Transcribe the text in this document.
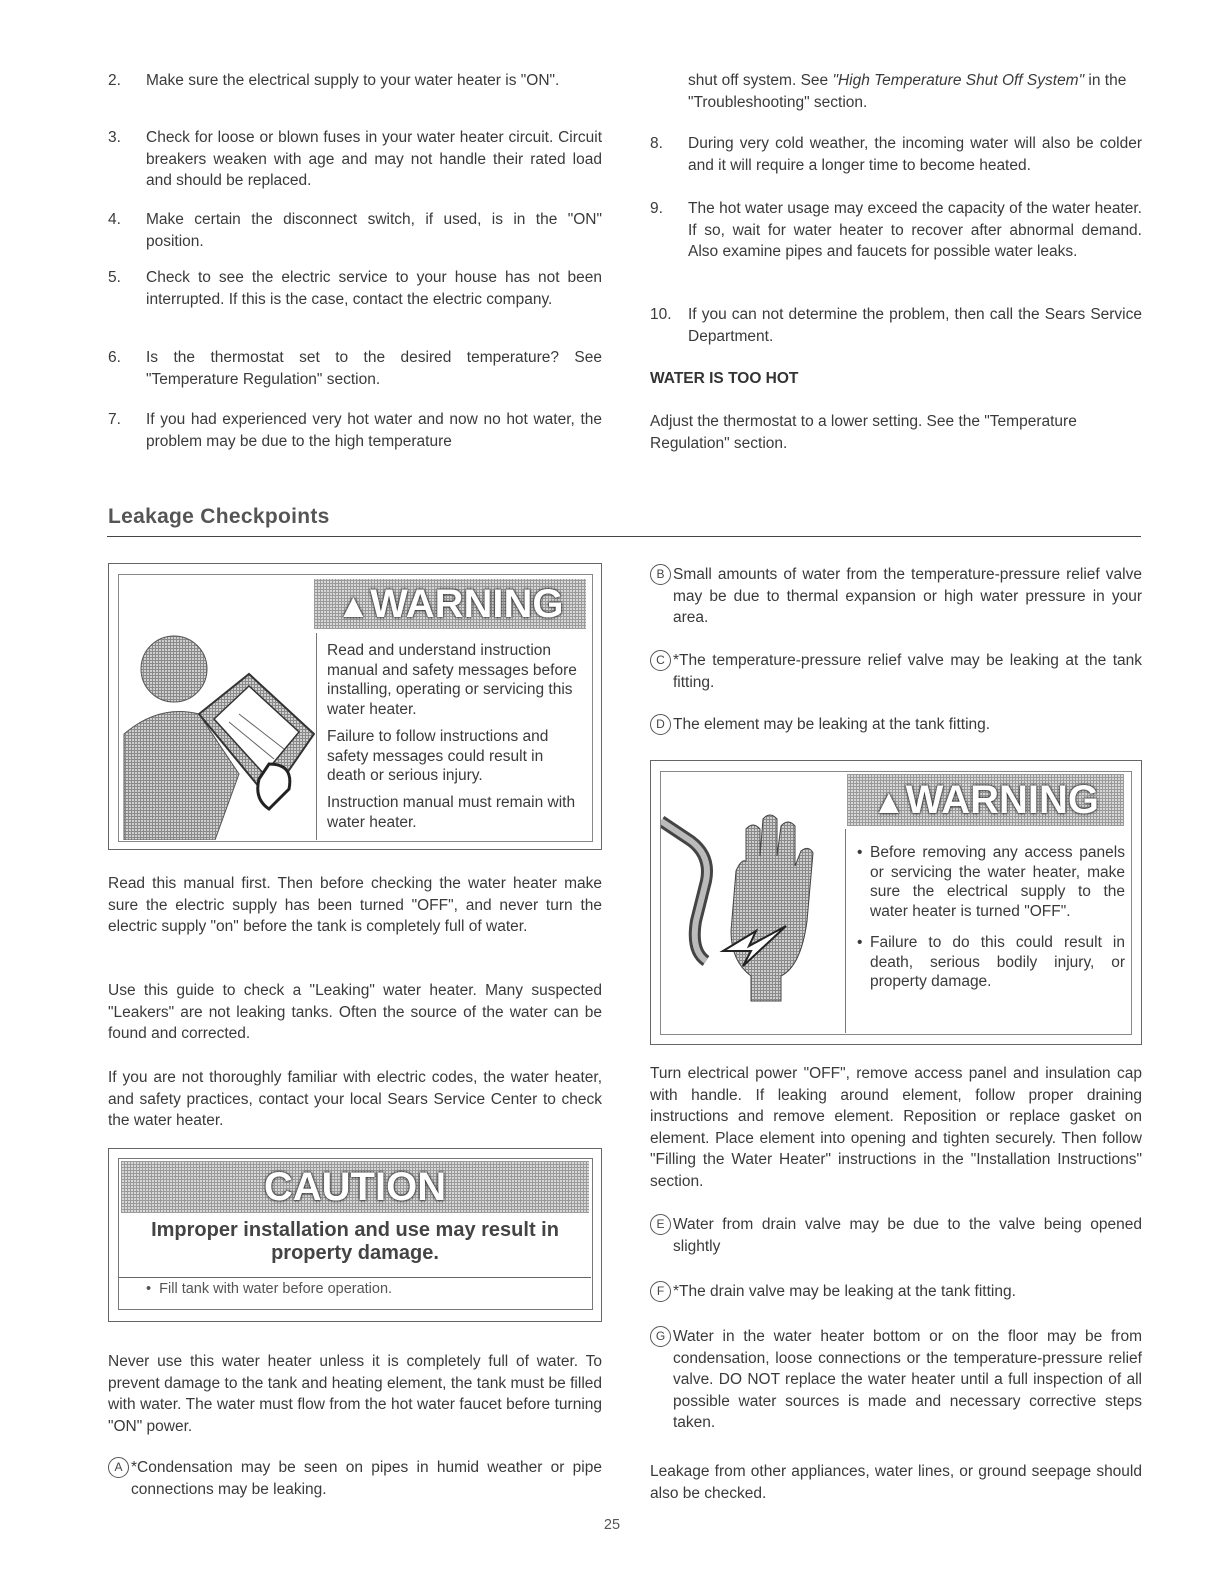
2.	Make sure the electrical supply to your water heater is "ON".
3.	Check for loose or blown fuses in your water heater circuit. Circuit breakers weaken with age and may not handle their rated load and should be replaced.
4.	Make certain the disconnect switch, if used, is in the "ON" position.
5.	Check to see the electric service to your house has not been interrupted. If this is the case, contact the electric company.
6.	Is the thermostat set to the desired temperature? See "Temperature Regulation" section.
7.	If you had experienced very hot water and now no hot water, the problem may be due to the high temperature
shut off system. See "High Temperature Shut Off System" in the "Troubleshooting" section.
8.	During very cold weather, the incoming water will also be colder and it will require a longer time to become heated.
9.	The hot water usage may exceed the capacity of the water heater. If so, wait for water heater to recover after abnormal demand. Also examine pipes and faucets for possible water leaks.
10.	If you can not determine the problem, then call the Sears Service Department.
WATER IS TOO HOT
Adjust the thermostat to a lower setting. See the "Temperature Regulation" section.
Leakage Checkpoints
▲WARNING
Read and understand instruction manual and safety messages before installing, operating or servicing this water heater.
Failure to follow instructions and safety messages could result in death or serious injury.
Instruction manual must remain with water heater.
Read this manual first. Then before checking the water heater make sure the electric supply has been turned "OFF", and never turn the electric supply "on" before the tank is completely full of water.
Use this guide to check a "Leaking" water heater. Many suspected "Leakers" are not leaking tanks. Often the source of the water can be found and corrected.
If you are not thoroughly familiar with electric codes, the water heater, and safety practices, contact your local Sears Service Center to check the water heater.
CAUTION
Improper installation and use may result in property damage.
•  Fill tank with water before operation.
Never use this water heater unless it is completely full of water. To prevent damage to the tank and heating element, the tank must be filled with water. The water must flow from the hot water faucet before turning "ON" power.
A *Condensation may be seen on pipes in humid weather or pipe connections may be leaking.
B Small amounts of water from the temperature-pressure relief valve may be due to thermal expansion or high water pressure in your area.
C *The temperature-pressure relief valve may be leaking at the tank fitting.
D The element may be leaking at the tank fitting.
▲WARNING
• Before removing any access panels or servicing the water heater, make sure the electrical supply to the water heater is turned "OFF".
• Failure to do this could result in death, serious bodily injury, or property damage.
Turn electrical power "OFF", remove access panel and insulation cap with handle. If leaking around element, follow proper draining instructions and remove element. Reposition or replace gasket on element. Place element into opening and tighten securely. Then follow "Filling the Water Heater" instructions in the "Installation Instructions" section.
E Water from drain valve may be due to the valve being opened slightly
F *The drain valve may be leaking at the tank fitting.
G Water in the water heater bottom or on the floor may be from condensation, loose connections or the temperature-pressure relief valve. DO NOT replace the water heater until a full inspection of all possible water sources is made and necessary corrective steps taken.
Leakage from other appliances, water lines, or ground seepage should also be checked.
25
